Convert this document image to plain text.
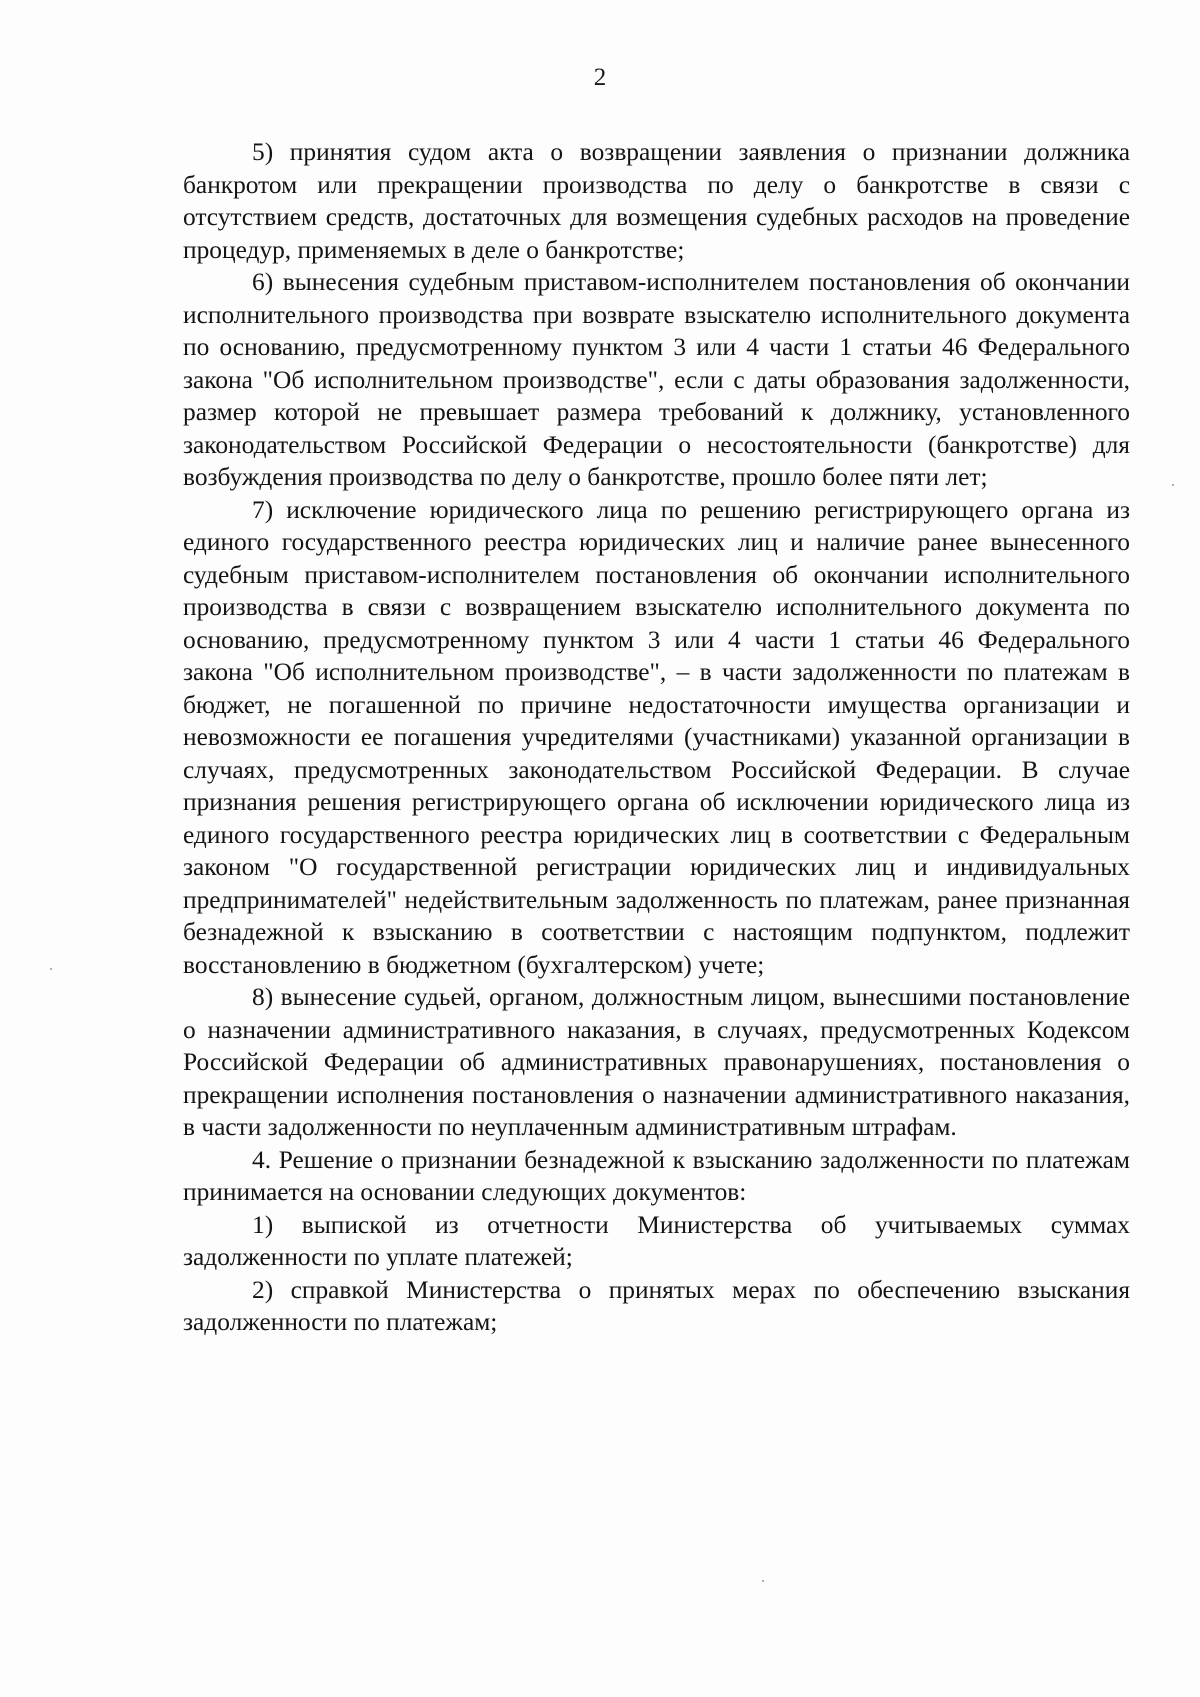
2

5) принятия судом акта о возвращении заявления о признании должника банкротом или прекращении производства по делу о банкротстве в связи с отсутствием средств, достаточных для возмещения судебных расходов на проведение процедур, применяемых в деле о банкротстве;

6) вынесения судебным приставом-исполнителем постановления об окончании исполнительного производства при возврате взыскателю исполнительного документа по основанию, предусмотренному пунктом 3 или 4 части 1 статьи 46 Федерального закона "Об исполнительном производстве", если с даты образования задолженности, размер которой не превышает размера требований к должнику, установленного законодательством Российской Федерации о несостоятельности (банкротстве) для возбуждения производства по делу о банкротстве, прошло более пяти лет;

7) исключение юридического лица по решению регистрирующего органа из единого государственного реестра юридических лиц и наличие ранее вынесенного судебным приставом-исполнителем постановления об окончании исполнительного производства в связи с возвращением взыскателю исполнительного документа по основанию, предусмотренному пунктом 3 или 4 части 1 статьи 46 Федерального закона "Об исполнительном производстве", – в части задолженности по платежам в бюджет, не погашенной по причине недостаточности имущества организации и невозможности ее погашения учредителями (участниками) указанной организации в случаях, предусмотренных законодательством Российской Федерации. В случае признания решения регистрирующего органа об исключении юридического лица из единого государственного реестра юридических лиц в соответствии с Федеральным законом "О государственной регистрации юридических лиц и индивидуальных предпринимателей" недействительным задолженность по платежам, ранее признанная безнадежной к взысканию в соответствии с настоящим подпунктом, подлежит восстановлению в бюджетном (бухгалтерском) учете;

8) вынесение судьей, органом, должностным лицом, вынесшими постановление о назначении административного наказания, в случаях, предусмотренных Кодексом Российской Федерации об административных правонарушениях, постановления о прекращении исполнения постановления о назначении административного наказания, в части задолженности по неуплаченным административным штрафам.

4. Решение о признании безнадежной к взысканию задолженности по платежам принимается на основании следующих документов:

1) выпиской из отчетности Министерства об учитываемых суммах задолженности по уплате платежей;

2) справкой Министерства о принятых мерах по обеспечению взыскания задолженности по платежам;
